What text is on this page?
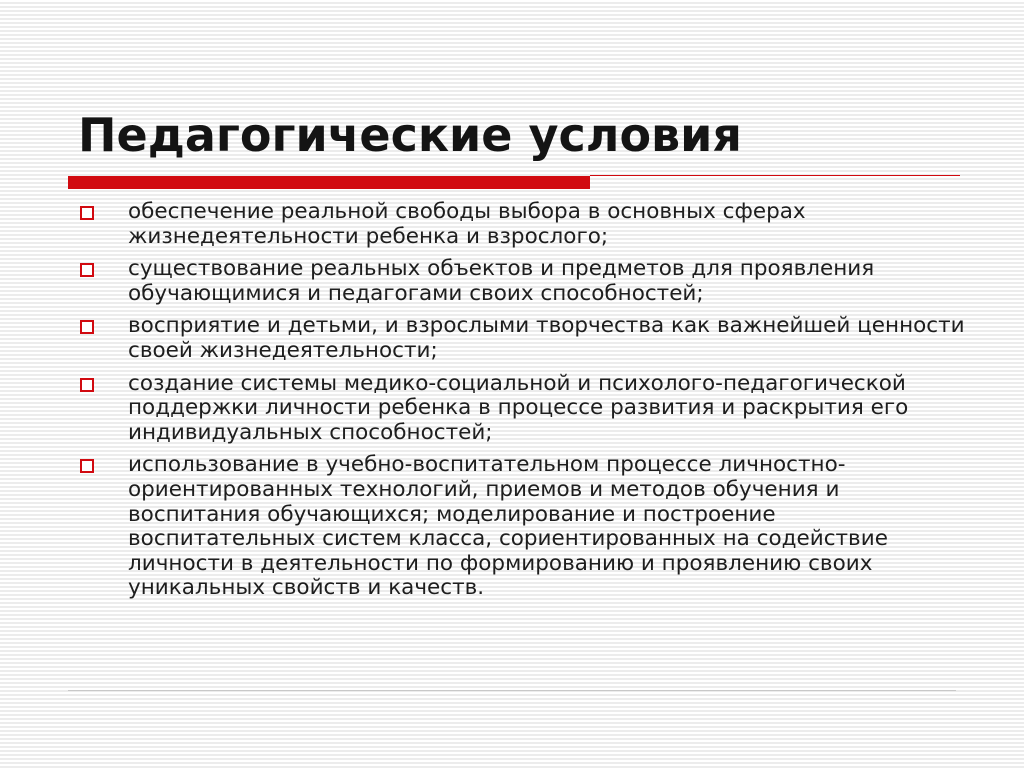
Педагогические условия
обеспечение реальной свободы выбора в основных сферах жизнедеятельности ребенка и взрослого;
существование реальных объектов и предметов для проявления обучающимися и педагогами своих способностей;
восприятие и детьми, и взрослыми творчества как важнейшей ценности своей жизнедеятельности;
создание системы медико-социальной и психолого-педагогической поддержки личности ребенка в процессе развития и раскрытия его индивидуальных способностей;
использование в учебно-воспитательном процессе личностно-ориентированных технологий, приемов и методов обучения и воспитания обучающихся; моделирование и построение воспитательных систем класса, сориентированных на содействие личности в деятельности по формированию и проявлению своих уникальных свойств и качеств.
